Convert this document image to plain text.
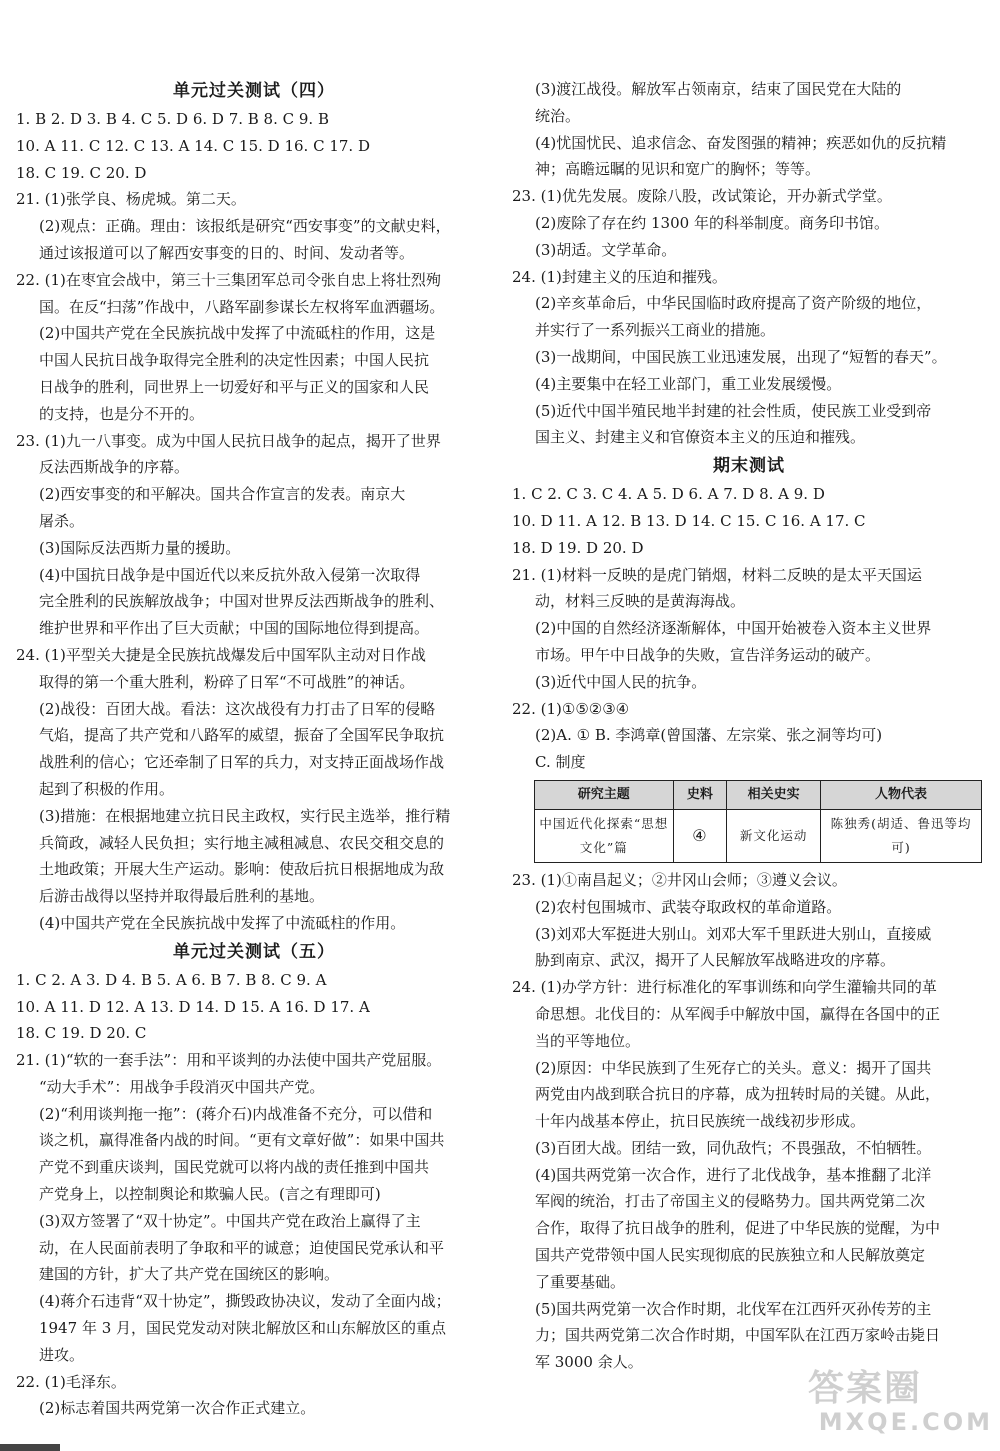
单元过关测试（四）
1. B 2. D 3. B 4. C 5. D 6. D 7. B 8. C 9. B
10. A 11. C 12. C 13. A 14. C 15. D 16. C 17. D
18. C 19. C 20. D
21. (1)张学良、杨虎城。第二天。
(2)观点：正确。理由：该报纸是研究“西安事变”的文献史料，
通过该报道可以了解西安事变的日的、时间、发动者等。
22. (1)在枣宜会战中，第三十三集团军总司令张自忠上将壮烈殉
国。在反“扫荡”作战中，八路军副参谋长左权将军血洒疆场。
(2)中国共产党在全民族抗战中发挥了中流砥柱的作用，这是
中国人民抗日战争取得完全胜利的决定性因素；中国人民抗
日战争的胜利，同世界上一切爱好和平与正义的国家和人民
的支持，也是分不开的。
23. (1)九一八事变。成为中国人民抗日战争的起点，揭开了世界
反法西斯战争的序幕。
(2)西安事变的和平解决。国共合作宣言的发表。南京大
屠杀。
(3)国际反法西斯力量的援助。
(4)中国抗日战争是中国近代以来反抗外敌入侵第一次取得
完全胜利的民族解放战争；中国对世界反法西斯战争的胜利、
维护世界和平作出了巨大贡献；中国的国际地位得到提高。
24. (1)平型关大捷是全民族抗战爆发后中国军队主动对日作战
取得的第一个重大胜利，粉碎了日军“不可战胜”的神话。
(2)战役：百团大战。看法：这次战役有力打击了日军的侵略
气焰，提高了共产党和八路军的威望，振奋了全国军民争取抗
战胜利的信心；它还牵制了日军的兵力，对支持正面战场作战
起到了积极的作用。
(3)措施：在根据地建立抗日民主政权，实行民主选举，推行精
兵简政，减轻人民负担；实行地主减租减息、农民交租交息的
土地政策；开展大生产运动。影响：使敌后抗日根据地成为敌
后游击战得以坚持并取得最后胜利的基地。
(4)中国共产党在全民族抗战中发挥了中流砥柱的作用。
单元过关测试（五）
1. C 2. A 3. D 4. B 5. A 6. B 7. B 8. C 9. A
10. A 11. D 12. A 13. D 14. D 15. A 16. D 17. A
18. C 19. D 20. C
21. (1)“软的一套手法”：用和平谈判的办法使中国共产党屈服。
“动大手术”：用战争手段消灭中国共产党。
(2)“利用谈判拖一拖”：(蒋介石)内战准备不充分，可以借和
谈之机，赢得准备内战的时间。“更有文章好做”：如果中国共
产党不到重庆谈判，国民党就可以将内战的责任推到中国共
产党身上，以控制舆论和欺骗人民。(言之有理即可)
(3)双方签署了“双十协定”。中国共产党在政治上赢得了主
动，在人民面前表明了争取和平的诚意；迫使国民党承认和平
建国的方针，扩大了共产党在国统区的影响。
(4)蒋介石违背“双十协定”，撕毁政协决议，发动了全面内战；
1947 年 3 月，国民党发动对陕北解放区和山东解放区的重点
进攻。
22. (1)毛泽东。
(2)标志着国共两党第一次合作正式建立。
(3)渡江战役。解放军占领南京，结束了国民党在大陆的
统治。
(4)忧国忧民、追求信念、奋发图强的精神；疾恶如仇的反抗精
神；高瞻远瞩的见识和宽广的胸怀；等等。
23. (1)优先发展。废除八股，改试策论，开办新式学堂。
(2)废除了存在约 1300 年的科举制度。商务印书馆。
(3)胡适。文学革命。
24. (1)封建主义的压迫和摧残。
(2)辛亥革命后，中华民国临时政府提高了资产阶级的地位，
并实行了一系列振兴工商业的措施。
(3)一战期间，中国民族工业迅速发展，出现了“短暂的春天”。
(4)主要集中在轻工业部门，重工业发展缓慢。
(5)近代中国半殖民地半封建的社会性质，使民族工业受到帝
国主义、封建主义和官僚资本主义的压迫和摧残。
期末测试
1. C 2. C 3. C 4. A 5. D 6. A 7. D 8. A 9. D
10. D 11. A 12. B 13. D 14. C 15. C 16. A 17. C
18. D 19. D 20. D
21. (1)材料一反映的是虎门销烟，材料二反映的是太平天国运
动，材料三反映的是黄海海战。
(2)中国的自然经济逐渐解体，中国开始被卷入资本主义世界
市场。甲午中日战争的失败，宣告洋务运动的破产。
(3)近代中国人民的抗争。
22. (1)①⑤②③④
(2)A. ① B. 李鸿章(曾国藩、左宗棠、张之洞等均可)
C. 制度
研究主题	史料	相关史实	人物代表
中国近代化探索“思想文化”篇	④	新文化运动	陈独秀(胡适、鲁迅等均可)
23. (1)①南昌起义；②井冈山会师；③遵义会议。
(2)农村包围城市、武装夺取政权的革命道路。
(3)刘邓大军挺进大别山。刘邓大军千里跃进大别山，直接威
胁到南京、武汉，揭开了人民解放军战略进攻的序幕。
24. (1)办学方针：进行标准化的军事训练和向学生灌输共同的革
命思想。北伐目的：从军阀手中解放中国，赢得在各国中的正
当的平等地位。
(2)原因：中华民族到了生死存亡的关头。意义：揭开了国共
两党由内战到联合抗日的序幕，成为扭转时局的关键。从此，
十年内战基本停止，抗日民族统一战线初步形成。
(3)百团大战。团结一致，同仇敌忾；不畏强敌，不怕牺牲。
(4)国共两党第一次合作，进行了北伐战争，基本推翻了北洋
军阀的统治，打击了帝国主义的侵略势力。国共两党第二次
合作，取得了抗日战争的胜利，促进了中华民族的觉醒，为中
国共产党带领中国人民实现彻底的民族独立和人民解放奠定
了重要基础。
(5)国共两党第一次合作时期，北伐军在江西歼灭孙传芳的主
力；国共两党第二次合作时期，中国军队在江西万家岭击毙日
军 3000 余人。
答案圈
MXQE.COM
